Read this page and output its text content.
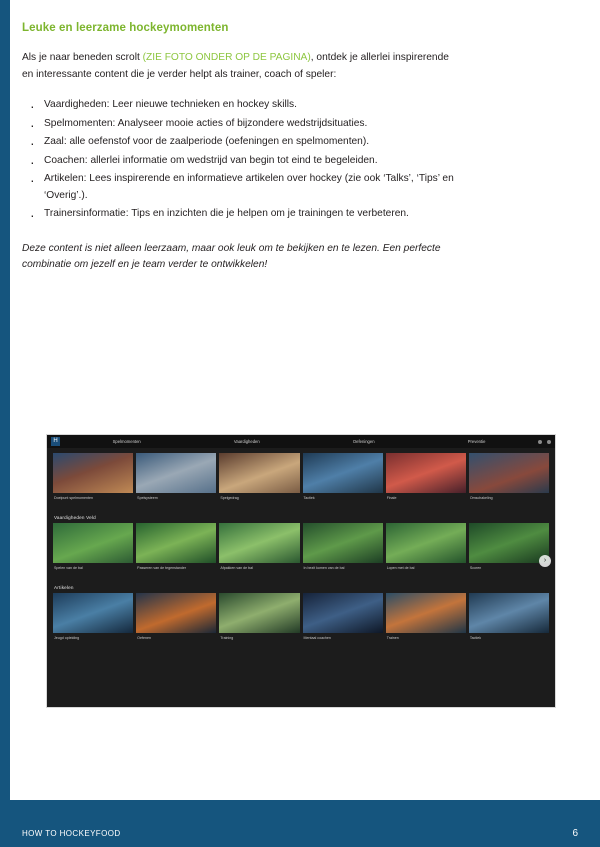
Leuke en leerzame hockeymomenten

Als je naar beneden scrolt (ZIE FOTO ONDER OP DE PAGINA), ontdek je allerlei inspirerende en interessante content die je verder helpt als trainer, coach of speler:

· Vaardigheden: Leer nieuwe technieken en hockey skills.
· Spelmomenten: Analyseer mooie acties of bijzondere wedstrijdsituaties.
· Zaal: alle oefenstof voor de zaalperiode (oefeningen en spelmomenten).
· Coachen: allerlei informatie om wedstrijd van begin tot eind te begeleiden.
· Artikelen: Lees inspirerende en informatieve artikelen over hockey (zie ook ‘Talks’, ‘Tips’ en ‘Overig’.).
· Trainersinformatie: Tips en inzichten die je helpen om je trainingen te verbeteren.

Deze content is niet alleen leerzaam, maar ook leuk om te bekijken en te lezen. Een perfecte combinatie om jezelf en je team verder te ontwikkelen!

H	Spelmomenten	Vaardigheden	Oefeningen	Preventie
Doelpunt spelmomenten	Spelsysteem	Spelgedrag	Tactiek	Finale	Omschakeling
Vaardigheden Veld
Spelen van de bal	Passeren van de tegenstander	Afpakken van de bal	In bezit komen van de bal	Lopen met de bal	Scoren
Artikelen
Jeugd opleiding	Oefenen	Training	Mentaal coachen	Trainen	Tactiek
›
HOW TO HOCKEYFOOD	6
